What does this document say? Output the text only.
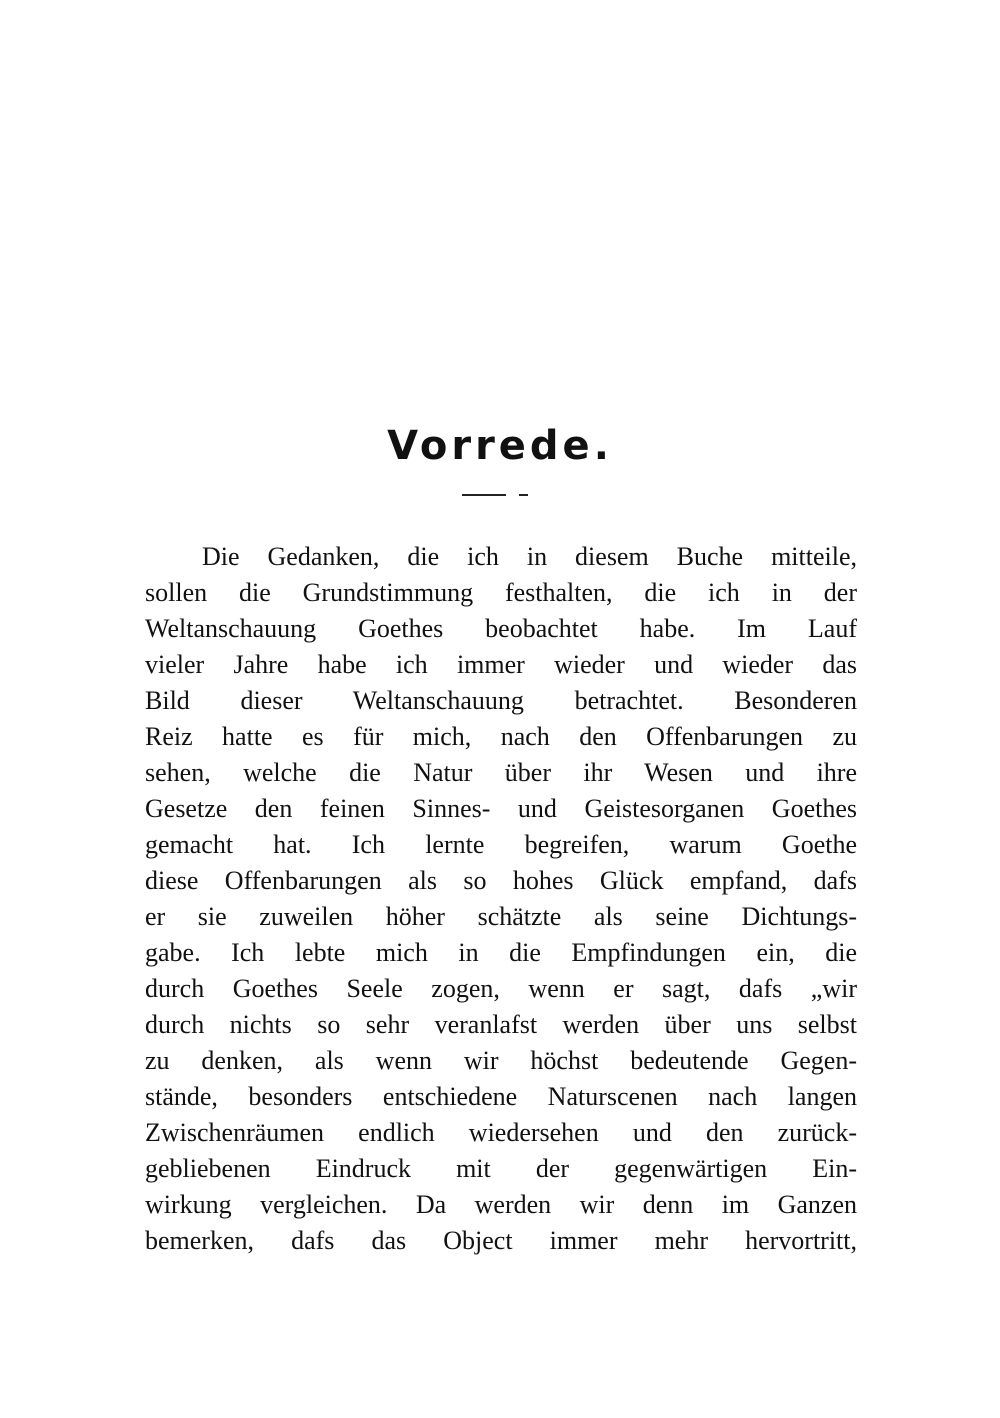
Vorrede.
Die Gedanken, die ich in diesem Buche mitteile,
sollen die Grundstimmung festhalten, die ich in der
Weltanschauung Goethes beobachtet habe. Im Lauf
vieler Jahre habe ich immer wieder und wieder das
Bild dieser Weltanschauung betrachtet. Besonderen
Reiz hatte es für mich, nach den Offenbarungen zu
sehen, welche die Natur über ihr Wesen und ihre
Gesetze den feinen Sinnes- und Geistesorganen Goethes
gemacht hat. Ich lernte begreifen, warum Goethe
diese Offenbarungen als so hohes Glück empfand, dafs
er sie zuweilen höher schätzte als seine Dichtungs-
gabe. Ich lebte mich in die Empfindungen ein, die
durch Goethes Seele zogen, wenn er sagt, dafs „wir
durch nichts so sehr veranlafst werden über uns selbst
zu denken, als wenn wir höchst bedeutende Gegen-
stände, besonders entschiedene Naturscenen nach langen
Zwischenräumen endlich wiedersehen und den zurück-
gebliebenen Eindruck mit der gegenwärtigen Ein-
wirkung vergleichen. Da werden wir denn im Ganzen
bemerken, dafs das Object immer mehr hervortritt,
